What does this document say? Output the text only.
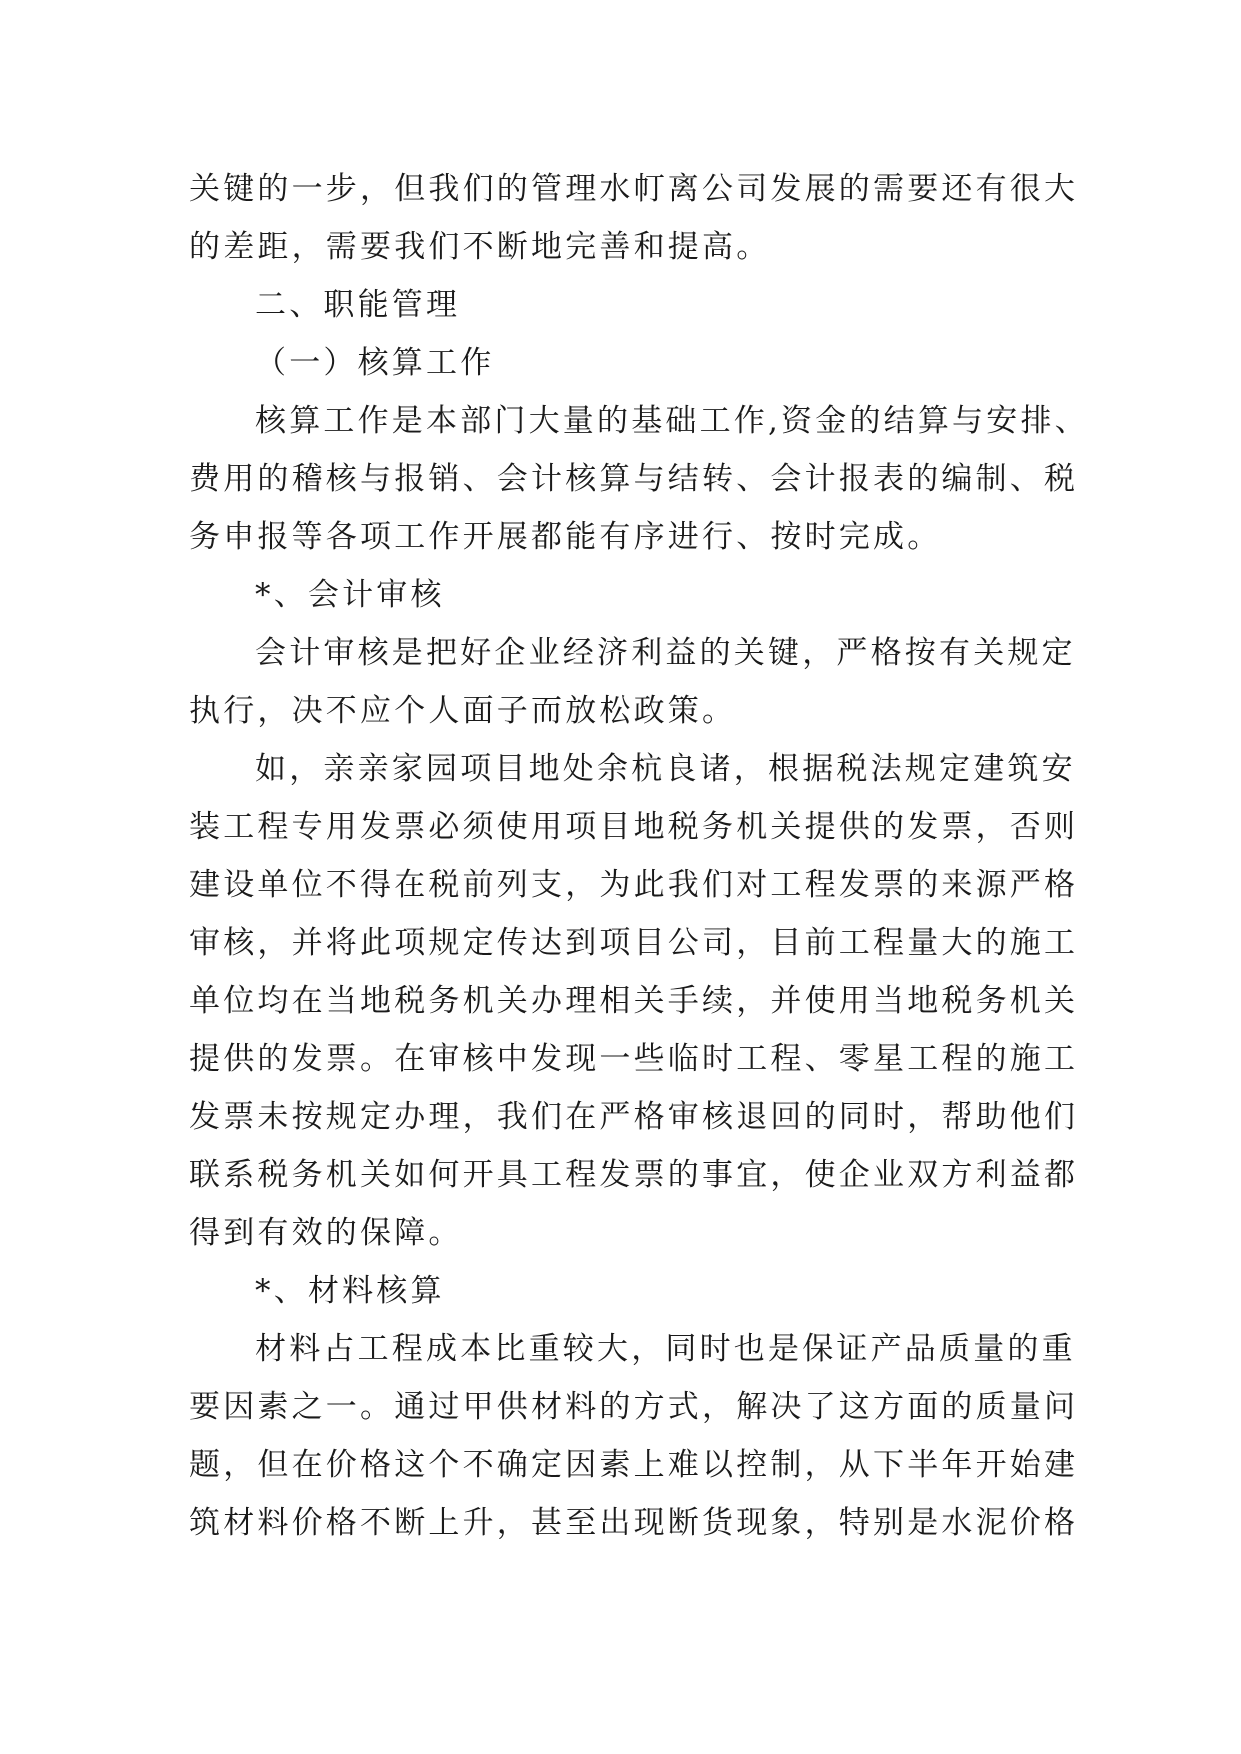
关键的一步，但我们的管理水帄离公司发展的需要还有很大
的差距，需要我们不断地完善和提高。
二、职能管理
（一）核算工作
核算工作是本部门大量的基础工作,资金的结算与安排、
费用的稽核与报销、会计核算与结转、会计报表的编制、税
务申报等各项工作开展都能有序进行、按时完成。
*、会计审核
会计审核是把好企业经济利益的关键，严格按有关规定
执行，决不应个人面子而放松政策。
如，亲亲家园项目地处余杭良诸，根据税法规定建筑安
装工程专用发票必须使用项目地税务机关提供的发票，否则
建设单位不得在税前列支，为此我们对工程发票的来源严格
审核，并将此项规定传达到项目公司，目前工程量大的施工
单位均在当地税务机关办理相关手续，并使用当地税务机关
提供的发票。在审核中发现一些临时工程、零星工程的施工
发票未按规定办理，我们在严格审核退回的同时，帮助他们
联系税务机关如何开具工程发票的事宜，使企业双方利益都
得到有效的保障。
*、材料核算
材料占工程成本比重较大，同时也是保证产品质量的重
要因素之一。通过甲供材料的方式，解决了这方面的质量问
题，但在价格这个不确定因素上难以控制，从下半年开始建
筑材料价格不断上升，甚至出现断货现象，特别是水泥价格
